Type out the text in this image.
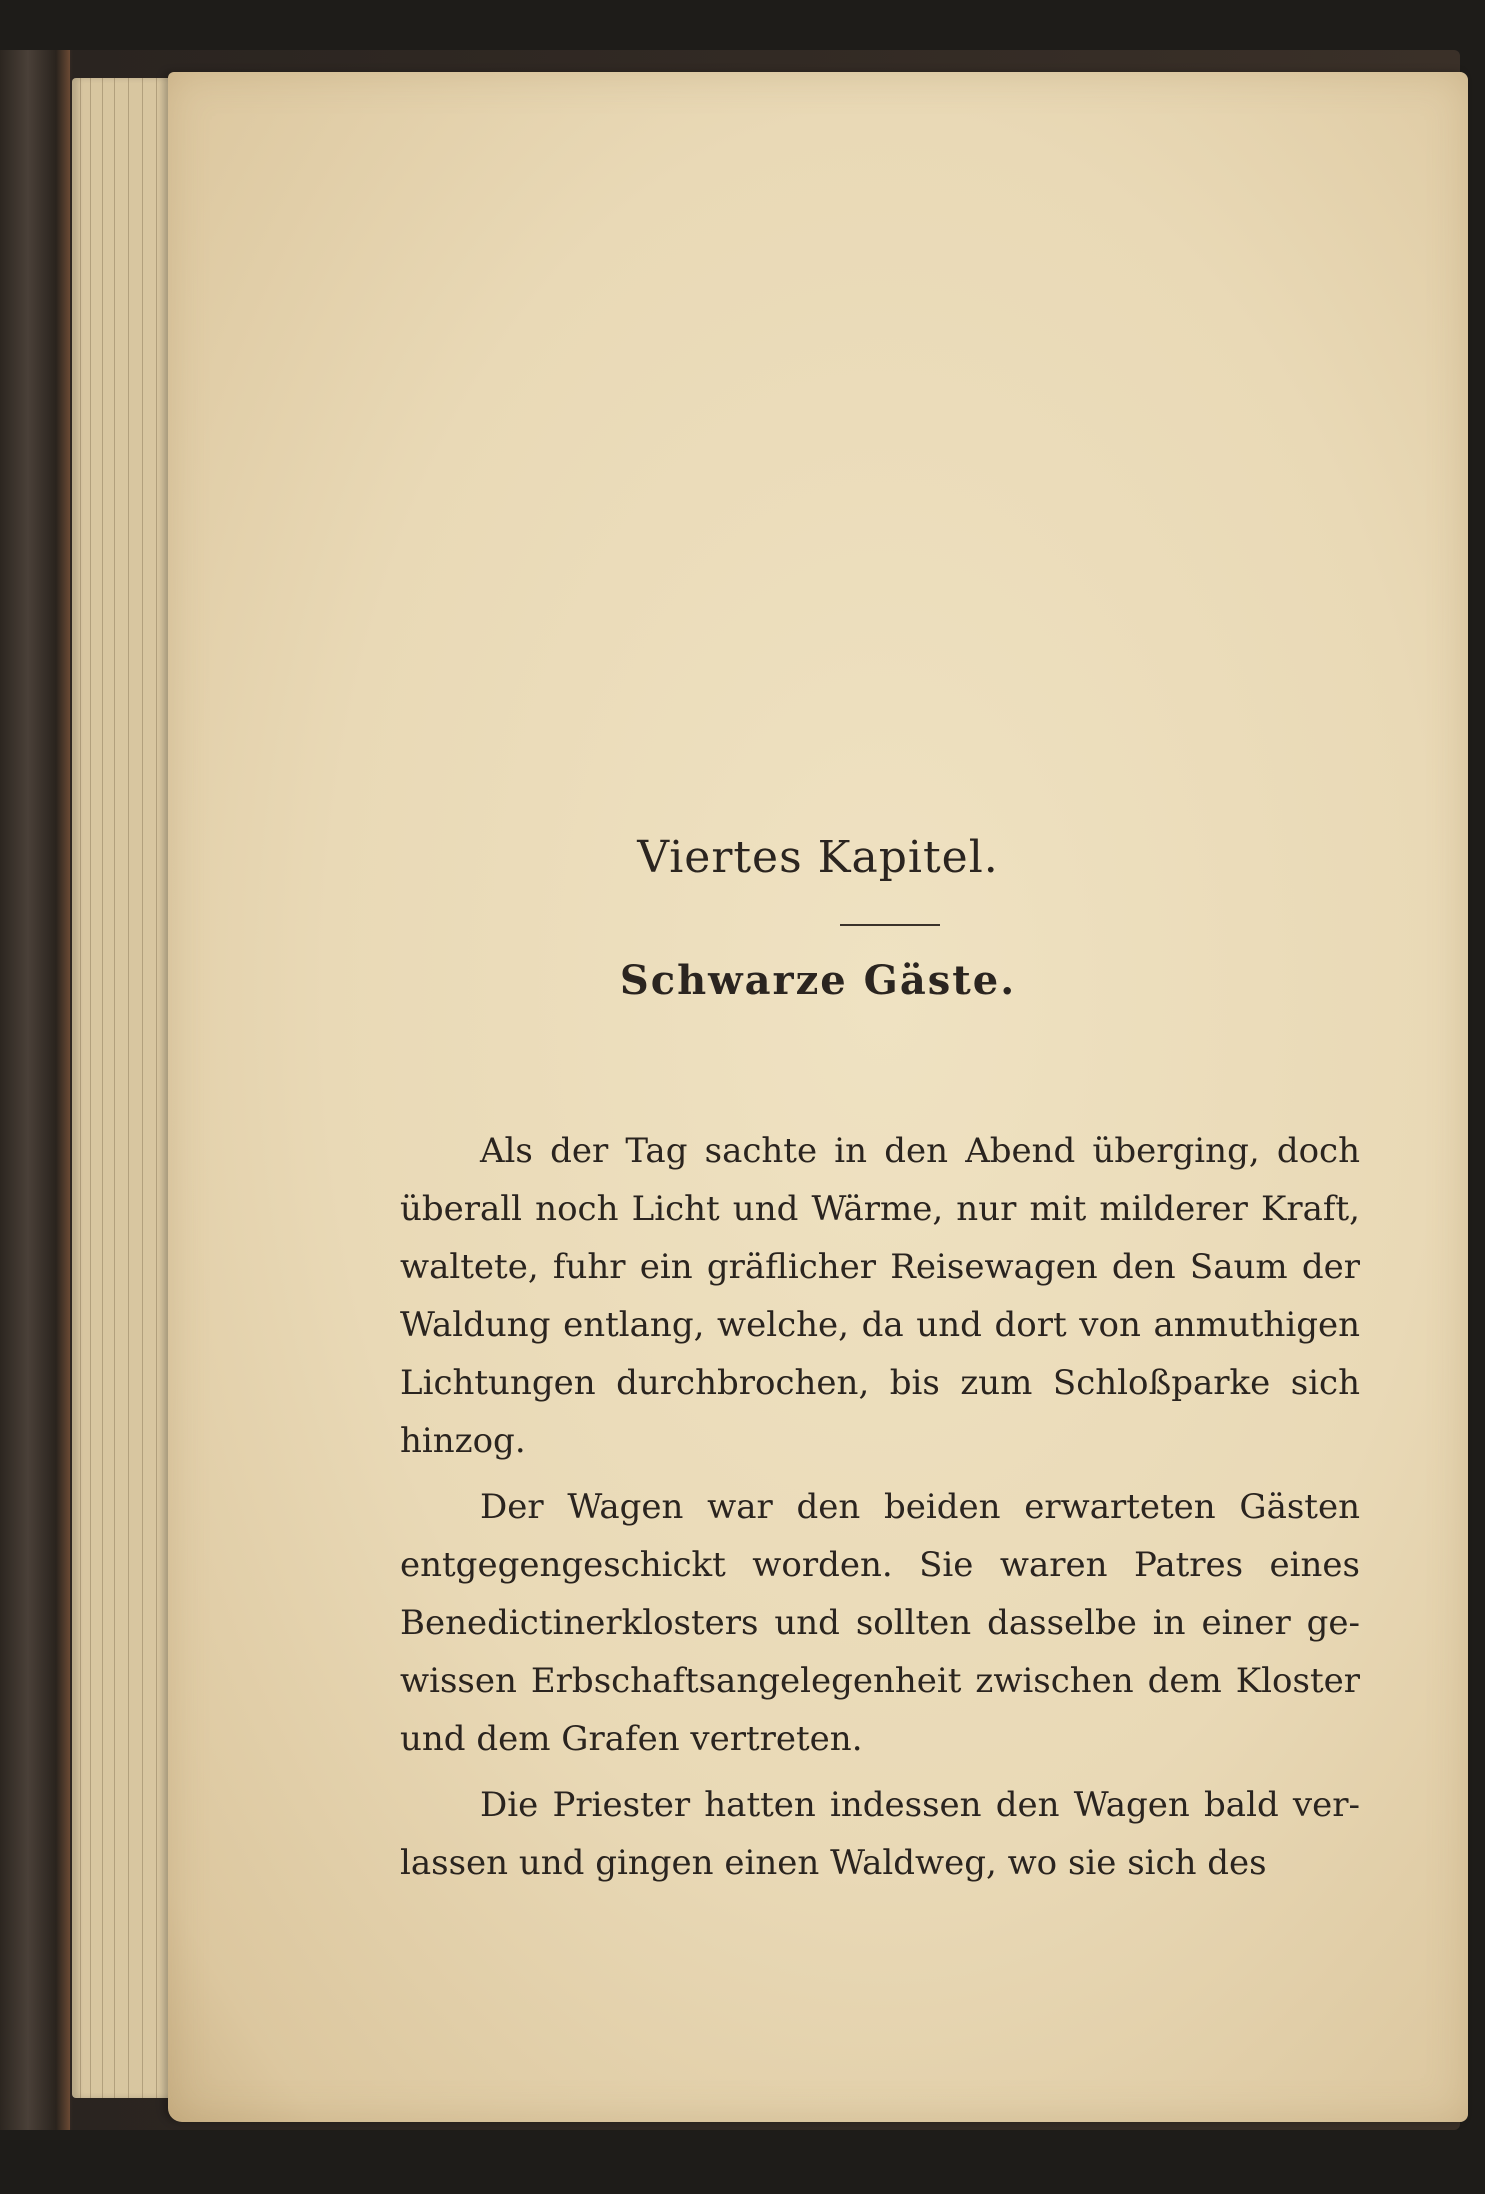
Viertes Kapitel.
Schwarze Gäste.

Als der Tag sachte in den Abend überging, doch überall noch Licht und Wärme, nur mit milderer Kraft, waltete, fuhr ein gräflicher Reisewagen den Saum der Waldung entlang, welche, da und dort von anmuthigen Lichtungen durchbrochen, bis zum Schloßparke sich hinzog.

Der Wagen war den beiden erwarteten Gästen entgegengeschickt worden. Sie waren Patres eines Benedictinerklosters und sollten dasselbe in einer gewissen Erbschaftsangelegenheit zwischen dem Kloster und dem Grafen vertreten.

Die Priester hatten indessen den Wagen bald verlassen und gingen einen Waldweg, wo sie sich des
